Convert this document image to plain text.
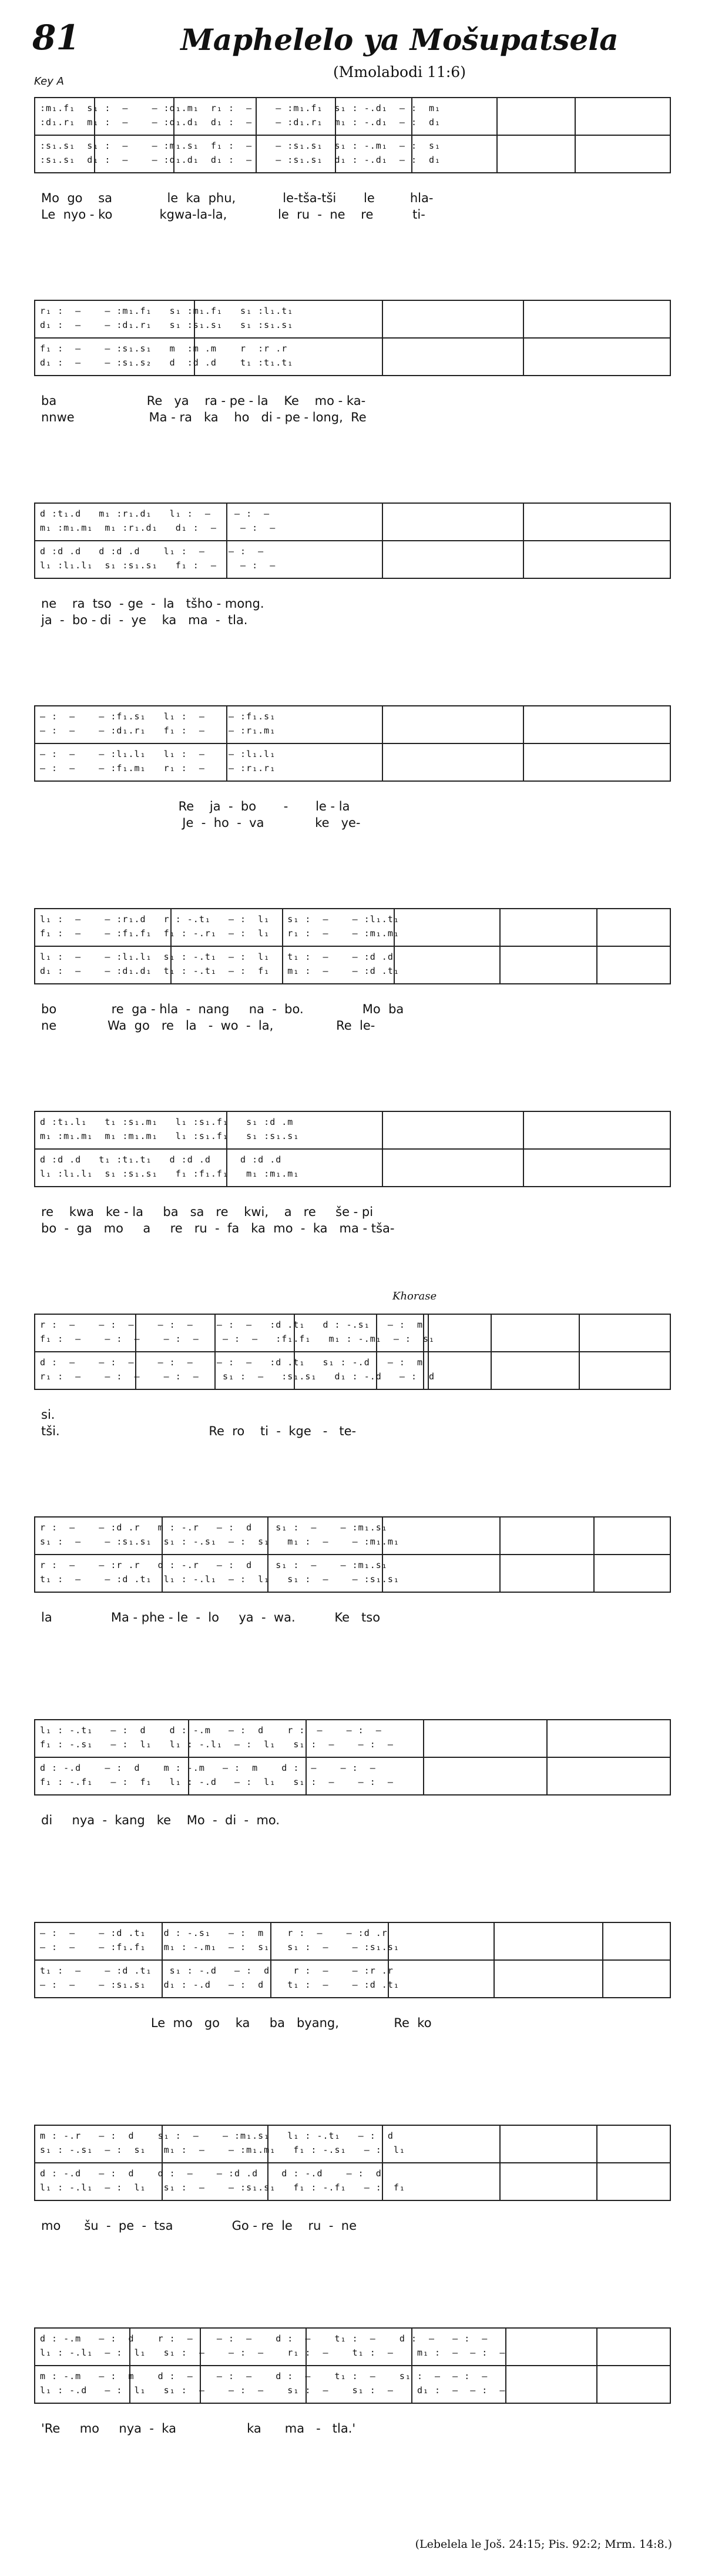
81	Maphelelo ya Mošupatsela
(Mmolabodi 11:6)
Key A
:m₁.f₁  s₁ :  —    — :d₁.m₁  r₁ :  —    — :m₁.f₁  s₁ : -.d₁  — :  m₁
:d₁.r₁  m₁ :  —    — :d₁.d₁  d₁ :  —    — :d₁.r₁  m₁ : -.d₁  — :  d₁
:s₁.s₁  s₁ :  —    — :m₁.s₁  f₁ :  —    — :s₁.s₁  s₁ : -.m₁  — :  s₁
:s₁.s₁  d₁ :  —    — :d₁.d₁  d₁ :  —    — :s₁.s₁  d₁ : -.d₁  — :  d₁
Mo  go    sa              le  ka  phu,            le-tša-tši       le         hla-
Le  nyo - ko            kgwa-la-la,             le  ru  -  ne    re          ti-
r₁ :  —    — :m₁.f₁   s₁ :m₁.f₁   s₁ :l₁.t₁
d₁ :  —    — :d₁.r₁   s₁ :s₁.s₁   s₁ :s₁.s₁
f₁ :  —    — :s₁.s₁   m  :m .m    r  :r .r
d₁ :  —    — :s₁.s₂   d  :d .d    t₁ :t₁.t₁
ba                       Re   ya    ra - pe - la    Ke    mo - ka-
nnwe                   Ma - ra   ka    ho   di - pe - long,  Re
d :t₁.d   m₁ :r₁.d₁   l₁ :  —    — :  —
m₁ :m₁.m₁  m₁ :r₁.d₁   d₁ :  —    — :  —
d :d .d   d :d .d    l₁ :  —    — :  —
l₁ :l₁.l₁  s₁ :s₁.s₁   f₁ :  —    — :  —
ne    ra  tso  - ge  -  la   tšho - mong.
ja  -  bo - di  -  ye    ka   ma  -  tla.
— :  —    — :f₁.s₁   l₁ :  —    — :f₁.s₁
— :  —    — :d₁.r₁   f₁ :  —    — :r₁.m₁
— :  —    — :l₁.l₁   l₁ :  —    — :l₁.l₁
— :  —    — :f₁.m₁   r₁ :  —    — :r₁.r₁
Re    ja  -  bo       -       le - la
Je  -  ho  -  va             ke   ye-
l₁ :  —    — :r₁.d   r : -.t₁   — :  l₁   s₁ :  —    — :l₁.t₁
f₁ :  —    — :f₁.f₁  f₁ : -.r₁  — :  l₁   r₁ :  —    — :m₁.m₁
l₁ :  —    — :l₁.l₁  s₁ : -.t₁  — :  l₁   t₁ :  —    — :d .d
d₁ :  —    — :d₁.d₁  t₁ : -.t₁  — :  f₁   m₁ :  —    — :d .t₁
bo              re  ga - hla  -  nang     na  -  bo.               Mo  ba
ne             Wa  go   re   la   -  wo  -  la,                Re  le-
d :t₁.l₁   t₁ :s₁.m₁   l₁ :s₁.f₁   s₁ :d .m
m₁ :m₁.m₁  m₁ :m₁.m₁   l₁ :s₁.f₁   s₁ :s₁.s₁
d :d .d   t₁ :t₁.t₁   d :d .d     d :d .d
l₁ :l₁.l₁  s₁ :s₁.s₁   f₁ :f₁.f₁   m₁ :m₁.m₁
re    kwa   ke - la     ba   sa   re    kwi,    a   re     še - pi
bo  -  ga   mo     a     re   ru  -  fa   ka  mo  -  ka   ma - tša-
r :  —    — :  —    — :  —    — :  —   :d .t₁   d : -.s₁   — :  m
f₁ :  —    — :  —    — :  —    — :  —   :f₁.f₁   m₁ : -.m₁  — :  s₁
d :  —    — :  —    — :  —    — :  —   :d .t₁   s₁ : -.d   — :  m
r₁ :  —    — :  —    — :  —    s₁ :  —   :s₁.s₁   d₁ : -.d   — :  d
si.
tši.                                      Re  ro    ti  -  kge   -   te-
r :  —    — :d .r   m : -.r   — :  d    s₁ :  —    — :m₁.s₁
s₁ :  —    — :s₁.s₁  s₁ : -.s₁  — :  s₁   m₁ :  —    — :m₁.m₁
r :  —    — :r .r   d : -.r   — :  d    s₁ :  —    — :m₁.s₁
t₁ :  —    — :d .t₁  l₁ : -.l₁  — :  l₁   s₁ :  —    — :s₁.s₁
la               Ma - phe - le  -  lo     ya  -  wa.          Ke   tso
l₁ : -.t₁   — :  d    d : -.m   — :  d    r :  —    — :  —
f₁ : -.s₁   — :  l₁   l₁ : -.l₁  — :  l₁   s₁ :  —    — :  —
d : -.d    — :  d    m : -.m   — :  m    d :  —    — :  —
f₁ : -.f₁   — :  f₁   l₁ : -.d   — :  l₁   s₁ :  —    — :  —
di     nya  -  kang   ke    Mo  -  di  -  mo.
— :  —    — :d .t₁   d : -.s₁   — :  m    r :  —    — :d .r
— :  —    — :f₁.f₁   m₁ : -.m₁  — :  s₁   s₁ :  —    — :s₁.s₁
t₁ :  —    — :d .t₁   s₁ : -.d   — :  d    r :  —    — :r .r
— :  —    — :s₁.s₁   d₁ : -.d   — :  d    t₁ :  —    — :d .t₁
Le  mo   go    ka     ba   byang,              Re  ko
m : -.r   — :  d    s₁ :  —    — :m₁.s₁   l₁ : -.t₁   — :  d
s₁ : -.s₁  — :  s₁   m₁ :  —    — :m₁.m₁   f₁ : -.s₁   — :  l₁
d : -.d   — :  d    d :  —    — :d .d    d : -.d    — :  d
l₁ : -.l₁  — :  l₁   s₁ :  —    — :s₁.s₁   f₁ : -.f₁   — :  f₁
mo      šu  -  pe  -  tsa               Go - re  le    ru  -  ne
d : -.m   — :  d    r :  —    — :  —    d :  —    t₁ :  —    d :  —   — :  —
l₁ : -.l₁  — :  l₁   s₁ :  —    — :  —    r₁ :  —    t₁ :  —    m₁ :  —  — :  —
m : -.m   — :  m    d :  —    — :  —    d :  —    t₁ :  —    s₁ :  —  — :  —
l₁ : -.d   — :  l₁   s₁ :  —    — :  —    s₁ :  —    s₁ :  —    d₁ :  —  — :  —
'Re     mo     nya  -  ka                  ka      ma   -   tla.'
Khorase
(Lebelela le Još. 24:15; Pis. 92:2; Mrm. 14:8.)
